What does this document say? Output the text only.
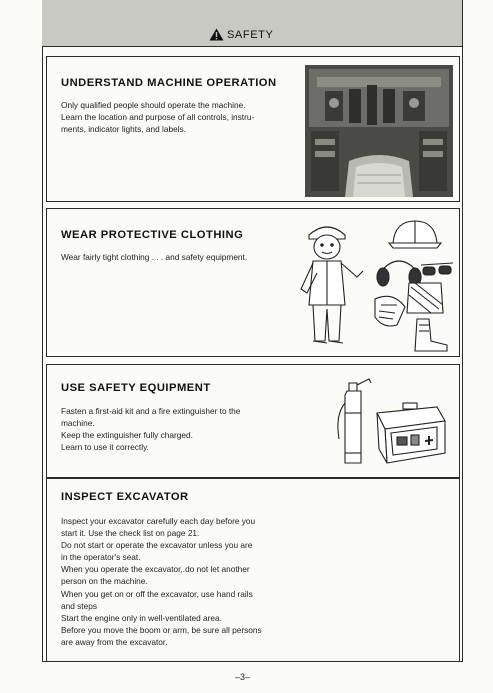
SAFETY
UNDERSTAND MACHINE OPERATION

Only qualified people should operate the machine.

Learn the location and purpose of all controls, instru-

ments, indicator lights, and labels.

WEAR PROTECTIVE CLOTHING

Wear fairly tight clothing . . . and safety equipment.

USE SAFETY EQUIPMENT

Fasten a first-aid kit and a fire extinguisher to the

machine.

Keep the extinguisher fully charged.

Learn to use it correctly.

INSPECT EXCAVATOR

Inspect your excavator carefully each day before you

start it. Use the check list on page 21.

Do not start or operate the excavator unless you are

in the operator's seat.

When you operate the excavator,.do not let another

person on the machine.

When you get on or off the excavator, use hand rails

and steps

Start the engine only in well-ventilated area.

Before you move the boom or arm, be sure all persons

are away from the excavator.

–3–
